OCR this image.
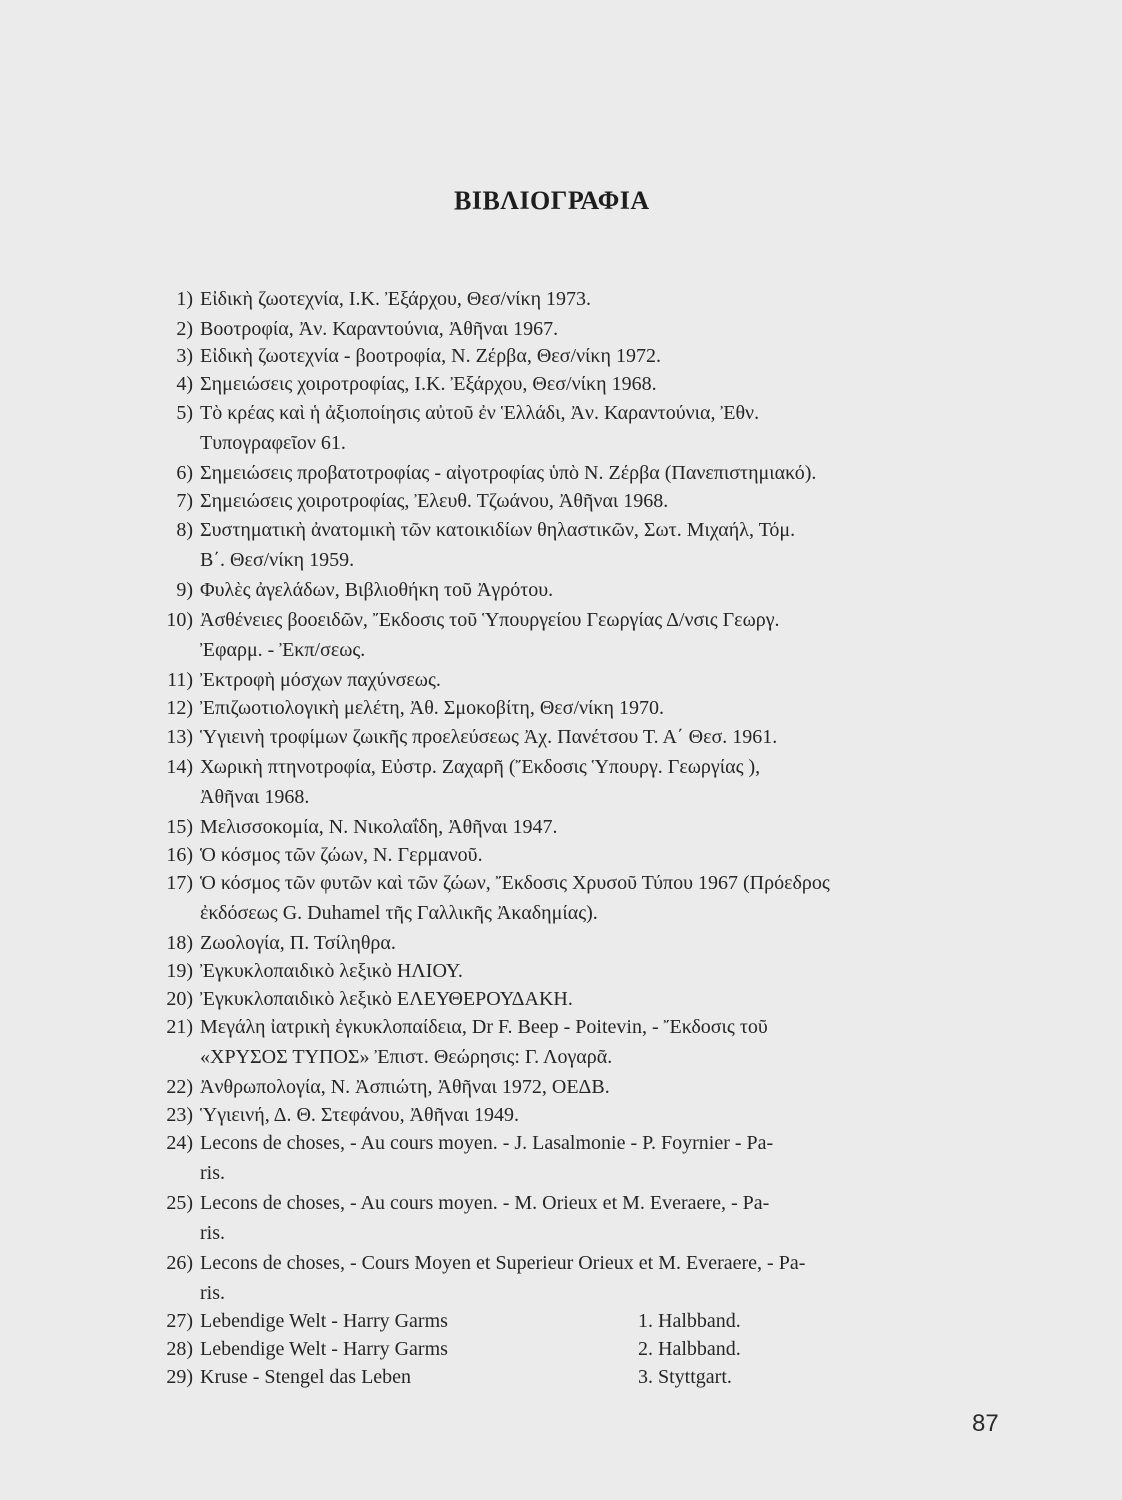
ΒΙΒΛΙΟΓΡΑΦΙΑ
1) Εἰδικὴ ζωοτεχνία, Ι.Κ. Ἐξάρχου, Θεσ/νίκη 1973.
2) Βοοτροφία, Ἀν. Καραντούνια, Ἀθῆναι 1967.
3) Εἰδικὴ ζωοτεχνία - βοοτροφία, Ν. Ζέρβα, Θεσ/νίκη 1972.
4) Σημειώσεις χοιροτροφίας, Ι.Κ. Ἐξάρχου, Θεσ/νίκη 1968.
5) Τὸ κρέας καὶ ἡ ἀξιοποίησις αὐτοῦ ἐν Ἑλλάδι, Ἀν. Καραντούνια, Ἐθν.
Τυπογραφεῖον 61.
6) Σημειώσεις προβατοτροφίας - αἰγοτροφίας ὑπὸ Ν. Ζέρβα (Πανεπιστημιακό).
7) Σημειώσεις χοιροτροφίας, Ἐλευθ. Τζωάνου, Ἀθῆναι 1968.
8) Συστηματικὴ ἀνατομικὴ τῶν κατοικιδίων θηλαστικῶν, Σωτ. Μιχαήλ, Τόμ.
Β΄. Θεσ/νίκη 1959.
9) Φυλὲς ἀγελάδων, Βιβλιοθήκη τοῦ Ἀγρότου.
10) Ἀσθένειες βοοειδῶν, Ἔκδοσις τοῦ Ὑπουργείου Γεωργίας Δ/νσις Γεωργ.
Ἐφαρμ. - Ἐκπ/σεως.
11) Ἐκτροφὴ μόσχων παχύνσεως.
12) Ἐπιζωοτιολογικὴ μελέτη, Ἀθ. Σμοκοβίτη, Θεσ/νίκη 1970.
13) Ὑγιεινὴ τροφίμων ζωικῆς προελεύσεως Ἀχ. Πανέτσου Τ. Α΄ Θεσ. 1961.
14) Χωρικὴ πτηνοτροφία, Εὐστρ. Ζαχαρῆ (Ἔκδοσις Ὑπουργ. Γεωργίας ),
Ἀθῆναι 1968.
15) Μελισσοκομία, Ν. Νικολαΐδη, Ἀθῆναι 1947.
16) Ὁ κόσμος τῶν ζώων, Ν. Γερμανοῦ.
17) Ὁ κόσμος τῶν φυτῶν καὶ τῶν ζώων, Ἔκδοσις Χρυσοῦ Τύπου 1967 (Πρόεδρος
ἐκδόσεως G. Duhamel τῆς Γαλλικῆς Ἀκαδημίας).
18) Ζωολογία, Π. Τσίληθρα.
19) Ἐγκυκλοπαιδικὸ λεξικὸ ΗΛΙΟΥ.
20) Ἐγκυκλοπαιδικὸ λεξικὸ ΕΛΕΥΘΕΡΟΥΔΑΚΗ.
21) Μεγάλη ἰατρικὴ ἐγκυκλοπαίδεια, Dr F. Beep - Poitevin, - Ἔκδοσις τοῦ
«ΧΡΥΣΟΣ ΤΥΠΟΣ» Ἐπιστ. Θεώρησις: Γ. Λογαρᾶ.
22) Ἀνθρωπολογία, Ν. Ἀσπιώτη, Ἀθῆναι 1972, ΟΕΔΒ.
23) Ὑγιεινή, Δ. Θ. Στεφάνου, Ἀθῆναι 1949.
24) Lecons de choses, - Au cours moyen. - J. Lasalmonie - P. Foyrnier - Pa-
ris.
25) Lecons de choses, - Au cours moyen. - M. Orieux et M. Everaere, - Pa-
ris.
26) Lecons de choses, - Cours Moyen et Superieur Orieux et M. Everaere, - Pa-
ris.
27) Lebendige Welt - Harry Garms	1. Halbband.
28) Lebendige Welt - Harry Garms	2. Halbband.
29) Kruse - Stengel das Leben	3. Styttgart.
87
